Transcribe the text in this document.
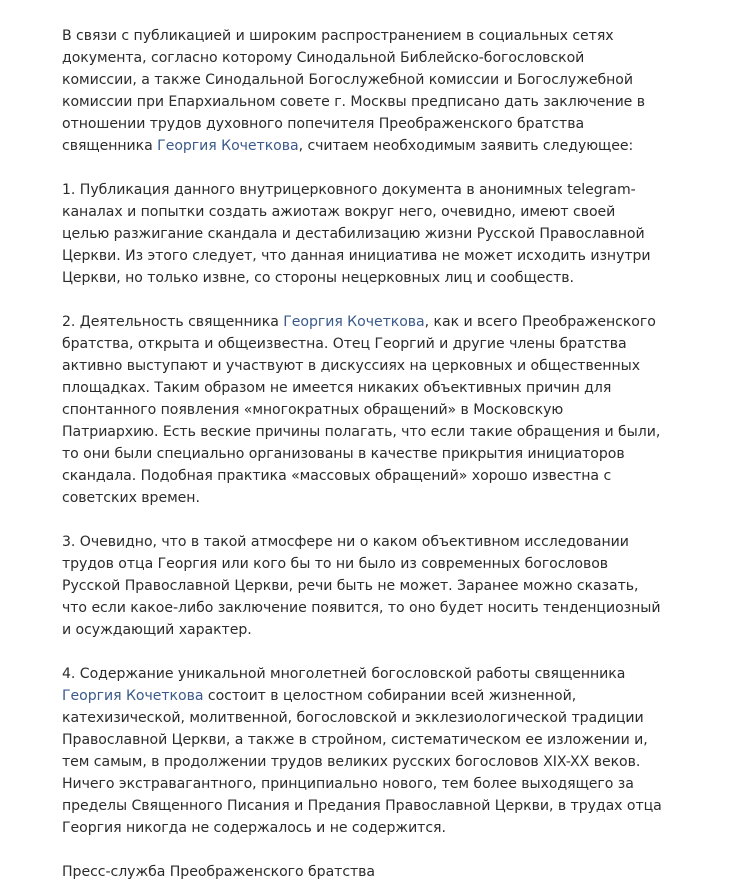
В связи с публикацией и широким распространением в социальных сетях документа, согласно которому Синодальной Библейско-богословской комиссии, а также Синодальной Богослужебной комиссии и Богослужебной комиссии при Епархиальном совете г. Москвы предписано дать заключение в отношении трудов духовного попечителя Преображенского братства священника Георгия Кочеткова, считаем необходимым заявить следующее:

1. Публикация данного внутрицерковного документа в анонимных telegram-каналах и попытки создать ажиотаж вокруг него, очевидно, имеют своей целью разжигание скандала и дестабилизацию жизни Русской Православной Церкви. Из этого следует, что данная инициатива не может исходить изнутри Церкви, но только извне, со стороны нецерковных лиц и сообществ.

2. Деятельность священника Георгия Кочеткова, как и всего Преображенского братства, открыта и общеизвестна. Отец Георгий и другие члены братства активно выступают и участвуют в дискуссиях на церковных и общественных площадках. Таким образом не имеется никаких объективных причин для спонтанного появления «многократных обращений» в Московскую Патриархию. Есть веские причины полагать, что если такие обращения и были, то они были специально организованы в качестве прикрытия инициаторов скандала. Подобная практика «массовых обращений» хорошо известна с советских времен.

3. Очевидно, что в такой атмосфере ни о каком объективном исследовании трудов отца Георгия или кого бы то ни было из современных богословов Русской Православной Церкви, речи быть не может. Заранее можно сказать, что если какое-либо заключение появится, то оно будет носить тенденциозный и осуждающий характер.

4. Содержание уникальной многолетней богословской работы священника Георгия Кочеткова состоит в целостном собирании всей жизненной, катехизической, молитвенной, богословской и экклезиологической традиции Православной Церкви, а также в стройном, систематическом ее изложении и, тем самым, в продолжении трудов великих русских богословов XIX-XX веков. Ничего экстравагантного, принципиально нового, тем более выходящего за пределы Священного Писания и Предания Православной Церкви, в трудах отца Георгия никогда не содержалось и не содержится.

Пресс-служба Преображенского братства
